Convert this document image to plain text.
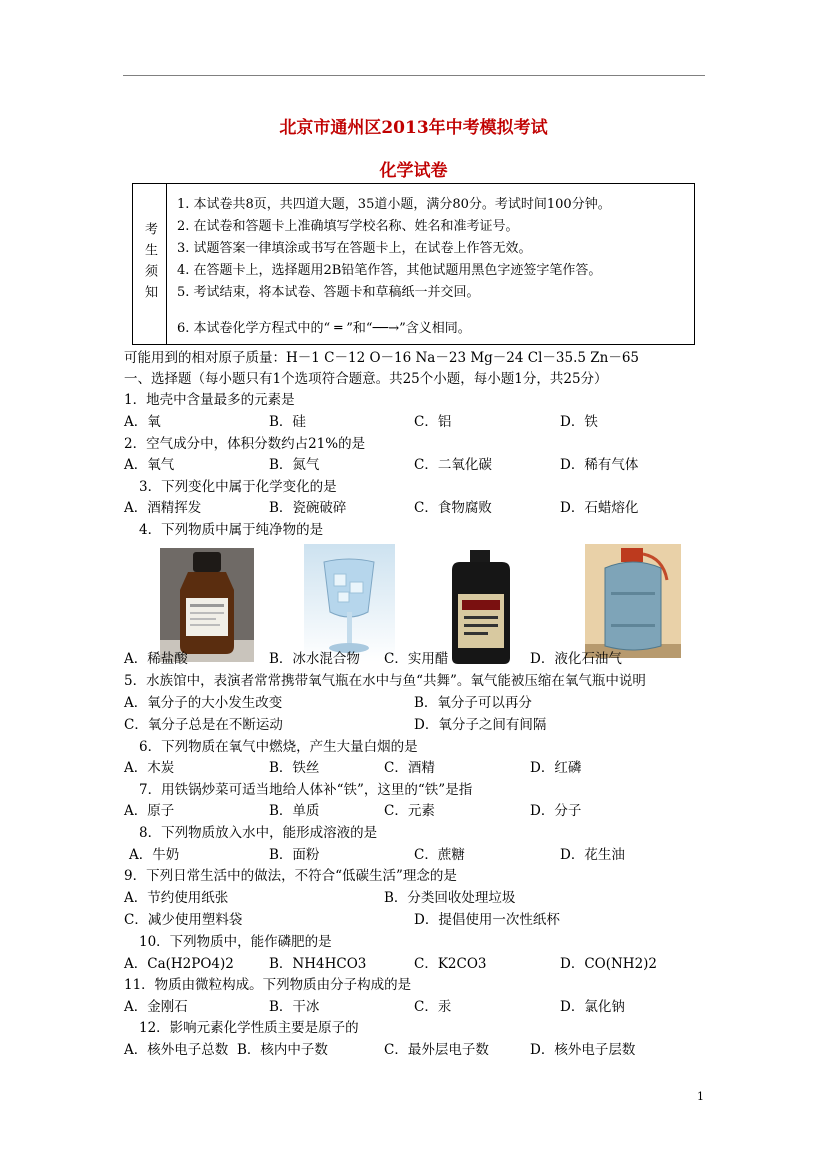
北京市通州区2013年中考模拟考试
化学试卷
考生须知
1. 本试卷共8页，共四道大题，35道小题，满分80分。考试时间100分钟。
2. 在试卷和答题卡上准确填写学校名称、姓名和准考证号。
3. 试题答案一律填涂或书写在答题卡上，在试卷上作答无效。
4. 在答题卡上，选择题用2B铅笔作答，其他试题用黑色字迹签字笔作答。
5. 考试结束，将本试卷、答题卡和草稿纸一并交回。
6. 本试卷化学方程式中的“ ═ ”和“──→”含义相同。
可能用到的相对原子质量：H－1 C－12 O－16 Na－23 Mg－24 Cl－35.5 Zn－65
一、选择题（每小题只有1个选项符合题意。共25个小题，每小题1分，共25分）
1．地壳中含量最多的元素是
A．氧	B．硅	C．铝	D．铁
2．空气成分中，体积分数约占21%的是
A．氧气	B．氮气	C．二氧化碳	D．稀有气体
3．下列变化中属于化学变化的是
A．酒精挥发	B．瓷碗破碎	C．食物腐败	D．石蜡熔化
4．下列物质中属于纯净物的是
A．稀盐酸	B．冰水混合物 C．实用醋	D．液化石油气
5．水族馆中，表演者常常携带氧气瓶在水中与鱼“共舞”。氧气能被压缩在氧气瓶中说明
A．氧分子的大小发生改变	B．氧分子可以再分
C．氧分子总是在不断运动	D．氧分子之间有间隔
6．下列物质在氧气中燃烧，产生大量白烟的是
A．木炭	B．铁丝	C．酒精	D．红磷
7．用铁锅炒菜可适当地给人体补“铁”，这里的“铁”是指
A．原子	B．单质	C．元素	D．分子
8．下列物质放入水中，能形成溶液的是
A．牛奶	B．面粉	C．蔗糖	D．花生油
9．下列日常生活中的做法，不符合“低碳生活”理念的是
A．节约使用纸张	B．分类回收处理垃圾
C．减少使用塑料袋	D．提倡使用一次性纸杯
10．下列物质中，能作磷肥的是
A．Ca(H2PO4)2	B．NH4HCO3	C．K2CO3	D．CO(NH2)2
11．物质由微粒构成。下列物质由分子构成的是
A．金刚石	B．干冰	C．汞	D．氯化钠
12．影响元素化学性质主要是原子的
A．核外电子总数 B．核内中子数	C．最外层电子数	D．核外电子层数
1
